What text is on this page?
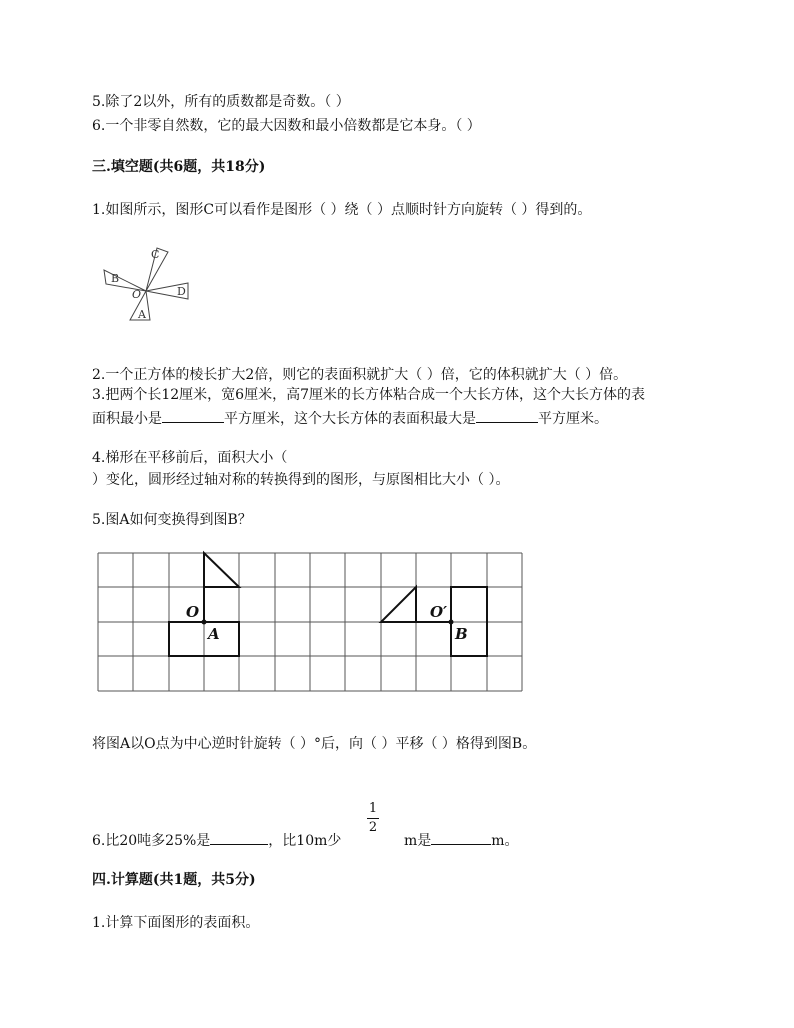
5.除了2以外，所有的质数都是奇数。（ ）
6.一个非零自然数，它的最大因数和最小倍数都是它本身。（ ）
三.填空题(共6题，共18分)
1.如图所示，图形C可以看作是图形（ ）绕（ ）点顺时针方向旋转（ ）得到的。
C
D
A
B
O
2.一个正方体的棱长扩大2倍，则它的表面积就扩大（ ）倍，它的体积就扩大（ ）倍。
3.把两个长12厘米，宽6厘米，高7厘米的长方体粘合成一个大长方体，这个大长方体的表
面积最小是	平方厘米，这个大长方体的表面积最大是	平方厘米。
4.梯形在平移前后，面积大小（
）变化，圆形经过轴对称的转换得到的图形，与原图相比大小（ ）。
5.图A如何变换得到图B？
O
A
O′
B
将图A以O点为中心逆时针旋转（ ）°后，向（ ）平移（ ）格得到图B。
6.比20吨多25%是	，比10m少
1
2
m是	m。
四.计算题(共1题，共5分)
1.计算下面图形的表面积。
